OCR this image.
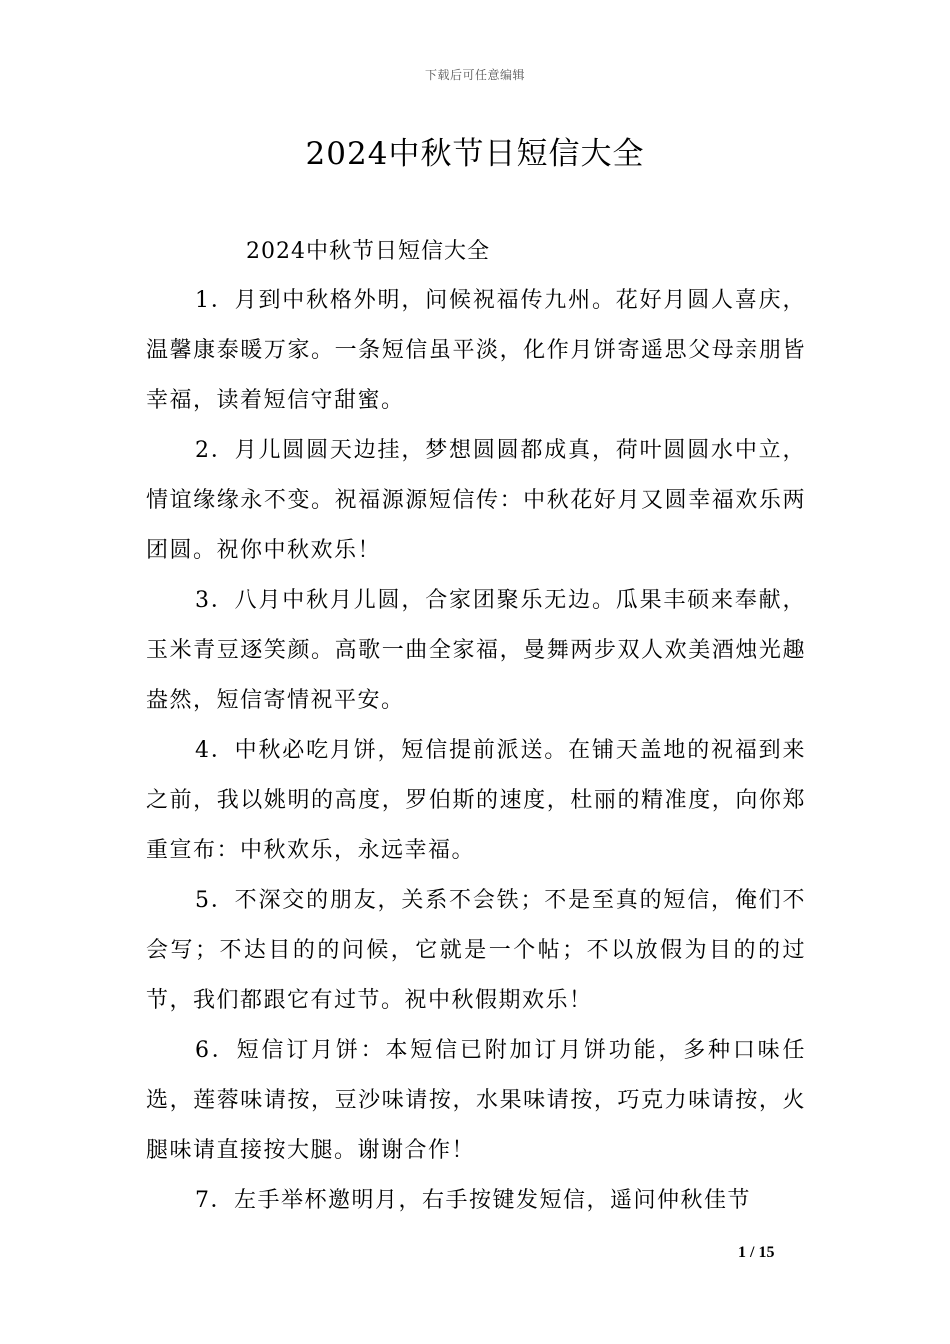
下载后可任意编辑
2024中秋节日短信大全

2024中秋节日短信大全

1．月到中秋格外明，问候祝福传九州。花好月圆人喜庆，温馨康泰暖万家。一条短信虽平淡，化作月饼寄遥思父母亲朋皆幸福，读着短信守甜蜜。

2．月儿圆圆天边挂，梦想圆圆都成真，荷叶圆圆水中立，情谊缘缘永不变。祝福源源短信传：中秋花好月又圆幸福欢乐两团圆。祝你中秋欢乐！

3．八月中秋月儿圆，合家团聚乐无边。瓜果丰硕来奉献，玉米青豆逐笑颜。高歌一曲全家福，曼舞两步双人欢美酒烛光趣盎然，短信寄情祝平安。

4．中秋必吃月饼，短信提前派送。在铺天盖地的祝福到来之前，我以姚明的高度，罗伯斯的速度，杜丽的精准度，向你郑重宣布：中秋欢乐，永远幸福。

5．不深交的朋友，关系不会铁；不是至真的短信，俺们不会写；不达目的的问候，它就是一个帖；不以放假为目的的过节，我们都跟它有过节。祝中秋假期欢乐！

6．短信订月饼：本短信已附加订月饼功能，多种口味任选，莲蓉味请按，豆沙味请按，水果味请按，巧克力味请按，火腿味请直接按大腿。谢谢合作！

7．左手举杯邀明月，右手按键发短信，遥问仲秋佳节

1 / 15
